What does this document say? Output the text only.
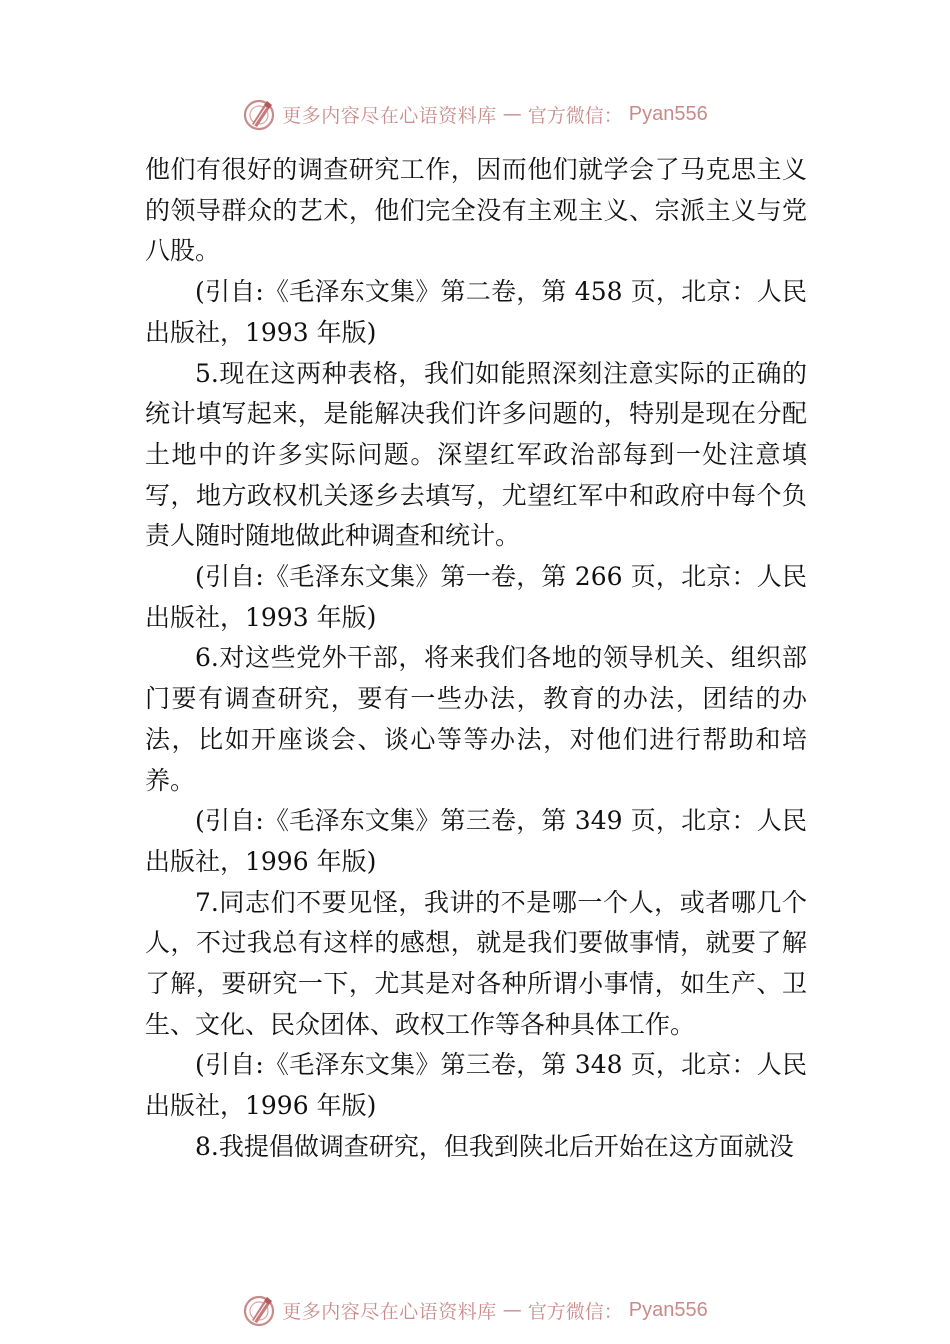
更多内容尽在心语资料库 — 官方微信： Pyan556

他们有很好的调查研究工作，因而他们就学会了马克思主义的领导群众的艺术，他们完全没有主观主义、宗派主义与党八股。

(引自:《毛泽东文集》第二卷，第 458 页，北京：人民出版社，1993 年版)

5.现在这两种表格，我们如能照深刻注意实际的正确的统计填写起来，是能解决我们许多问题的，特别是现在分配土地中的许多实际问题。深望红军政治部每到一处注意填写，地方政权机关逐乡去填写，尤望红军中和政府中每个负责人随时随地做此种调查和统计。

(引自:《毛泽东文集》第一卷，第 266 页，北京：人民出版社，1993 年版)

6.对这些党外干部，将来我们各地的领导机关、组织部门要有调查研究，要有一些办法，教育的办法，团结的办法，比如开座谈会、谈心等等办法，对他们进行帮助和培养。

(引自:《毛泽东文集》第三卷，第 349 页，北京：人民出版社，1996 年版)

7.同志们不要见怪，我讲的不是哪一个人，或者哪几个人，不过我总有这样的感想，就是我们要做事情，就要了解了解，要研究一下，尤其是对各种所谓小事情，如生产、卫生、文化、民众团体、政权工作等各种具体工作。

(引自:《毛泽东文集》第三卷，第 348 页，北京：人民出版社，1996 年版)

8.我提倡做调查研究，但我到陕北后开始在这方面就没

更多内容尽在心语资料库 — 官方微信： Pyan556
